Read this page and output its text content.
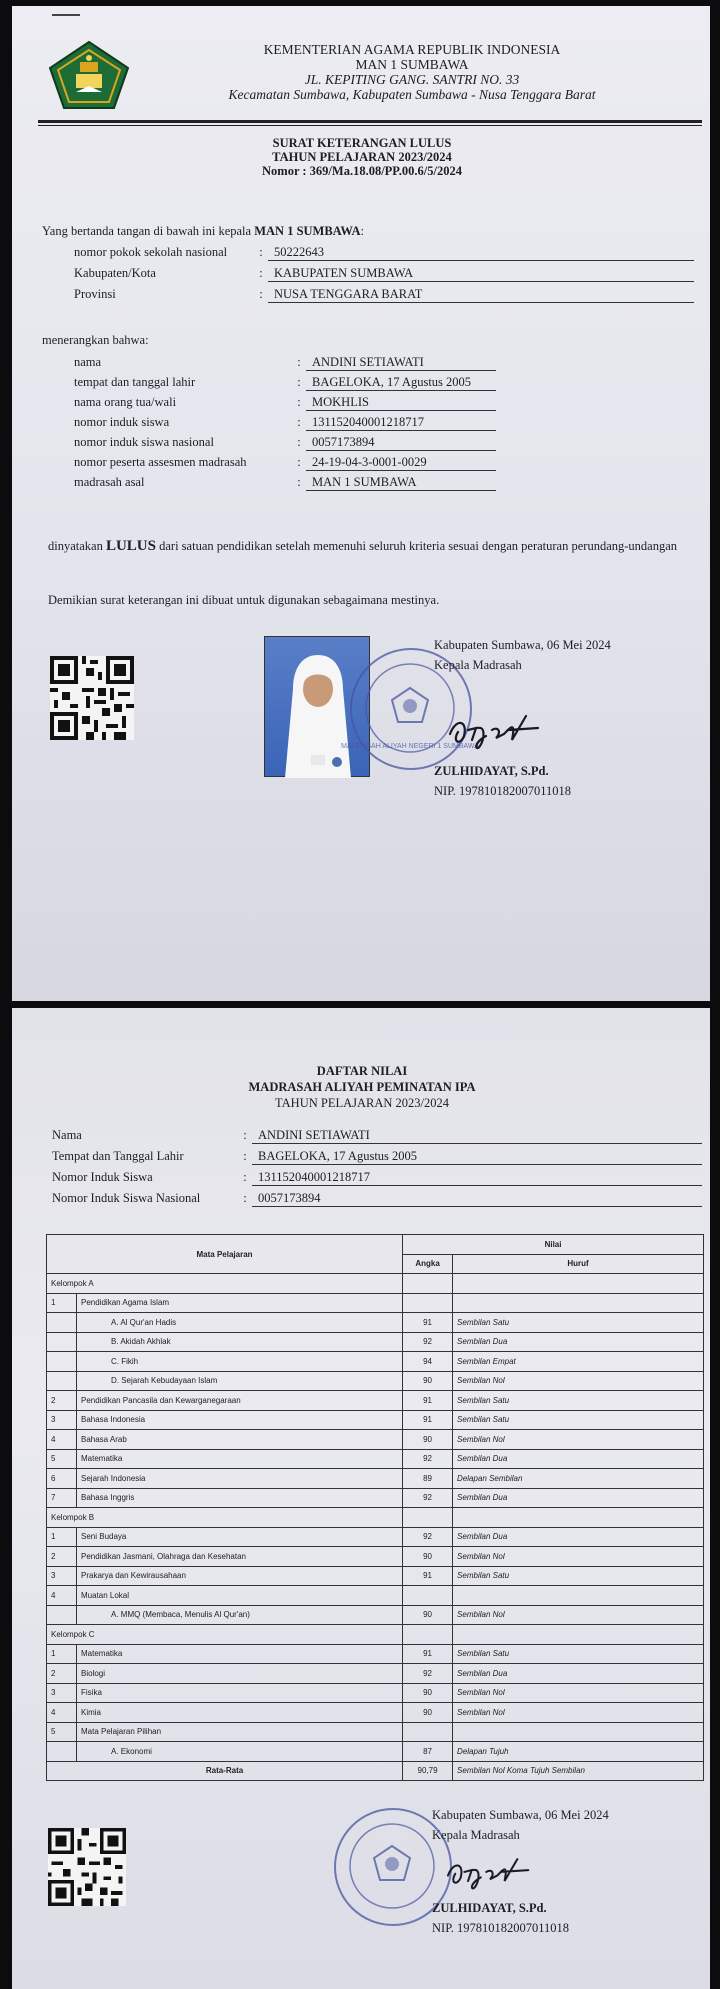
KEMENTERIAN AGAMA REPUBLIK INDONESIA
MAN 1 SUMBAWA
JL. KEPITING GANG. SANTRI NO. 33
Kecamatan Sumbawa, Kabupaten Sumbawa - Nusa Tenggara Barat
SURAT KETERANGAN LULUS
TAHUN PELAJARAN 2023/2024
Nomor : 369/Ma.18.08/PP.00.6/5/2024
Yang bertanda tangan di bawah ini kepala MAN 1 SUMBAWA:
nomor pokok sekolah nasional	: 50222643
Kabupaten/Kota	: KABUPATEN SUMBAWA
Provinsi	: NUSA TENGGARA BARAT
menerangkan bahwa:
nama	: ANDINI SETIAWATI
tempat dan tanggal lahir	: BAGELOKA, 17 Agustus 2005
nama orang tua/wali	: MOKHLIS
nomor induk siswa	: 131152040001218717
nomor induk siswa nasional	: 0057173894
nomor peserta assesmen madrasah	: 24-19-04-3-0001-0029
madrasah asal	: MAN 1 SUMBAWA
dinyatakan LULUS dari satuan pendidikan setelah memenuhi seluruh kriteria sesuai dengan peraturan perundang-undangan
Demikian surat keterangan ini dibuat untuk digunakan sebagaimana mestinya.
MADRASAH ALIYAH NEGERI 1 SUMBAWA
Kabupaten Sumbawa, 06 Mei 2024
Kepala Madrasah
ZULHIDAYAT, S.Pd.
NIP. 197810182007011018
DAFTAR NILAI
MADRASAH ALIYAH PEMINATAN IPA
TAHUN PELAJARAN 2023/2024
Nama	: ANDINI SETIAWATI
Tempat dan Tanggal Lahir	: BAGELOKA, 17 Agustus 2005
Nomor Induk Siswa	: 131152040001218717
Nomor Induk Siswa Nasional	: 0057173894
Mata Pelajaran		Nilai	
		Angka	Huruf
Kelompok A			
1	Pendidikan Agama Islam		
	A. Al Qur'an Hadis	91	Sembilan Satu
	B. Akidah Akhlak	92	Sembilan Dua
	C. Fikih	94	Sembilan Empat
	D. Sejarah Kebudayaan Islam	90	Sembilan Nol
2	Pendidikan Pancasila dan Kewarganegaraan	91	Sembilan Satu
3	Bahasa Indonesia	91	Sembilan Satu
4	Bahasa Arab	90	Sembilan Nol
5	Matematika	92	Sembilan Dua
6	Sejarah Indonesia	89	Delapan Sembilan
7	Bahasa Inggris	92	Sembilan Dua
Kelompok B			
1	Seni Budaya	92	Sembilan Dua
2	Pendidikan Jasmani, Olahraga dan Kesehatan	90	Sembilan Nol
3	Prakarya dan Kewirausahaan	91	Sembilan Satu
4	Muatan Lokal		
	A. MMQ (Membaca, Menulis Al Qur'an)	90	Sembilan Nol
Kelompok C			
1	Matematika	91	Sembilan Satu
2	Biologi	92	Sembilan Dua
3	Fisika	90	Sembilan Nol
4	Kimia	90	Sembilan Nol
5	Mata Pelajaran Pilihan		
	A. Ekonomi	87	Delapan Tujuh
Rata-Rata		90,79	Sembilan Nol Koma Tujuh Sembilan
Kabupaten Sumbawa, 06 Mei 2024
Kepala Madrasah
ZULHIDAYAT, S.Pd.
NIP. 197810182007011018
